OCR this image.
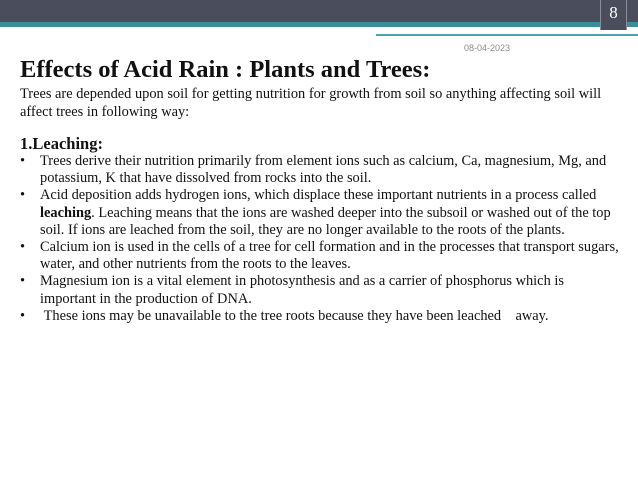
8
08-04-2023
Effects of Acid Rain : Plants and Trees:
Trees are depended upon soil for getting nutrition for growth from soil so anything affecting soil will affect trees in following way:
1.Leaching:
• Trees derive their nutrition primarily from element ions such as calcium, Ca, magnesium, Mg, and potassium, K that have dissolved from rocks into the soil.
• Acid deposition adds hydrogen ions, which displace these important nutrients in a process called leaching. Leaching means that the ions are washed deeper into the subsoil or washed out of the top soil. If ions are leached from the soil, they are no longer available to the roots of the plants.
• Calcium ion is used in the cells of a tree for cell formation and in the processes that transport sugars, water, and other nutrients from the roots to the leaves.
• Magnesium ion is a vital element in photosynthesis and as a carrier of phosphorus which is important in the production of DNA.
• These ions may be unavailable to the tree roots because they have been leached    away.
